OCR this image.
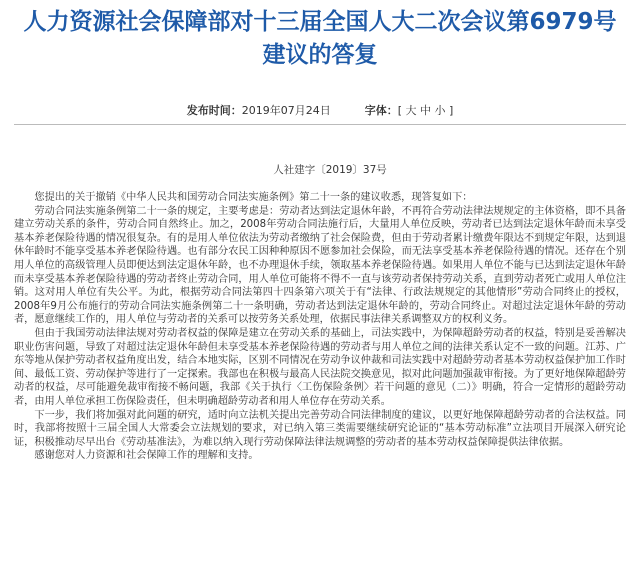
人力资源社会保障部对十三届全国人大二次会议第6979号
建议的答复
发布时间：2019年07月24日	字体：[ 大 中 小 ]
人社建字〔2019〕37号

您提出的关于撤销《中华人民共和国劳动合同法实施条例》第二十一条的建议收悉，现答复如下：

劳动合同法实施条例第二十一条的规定，主要考虑是：劳动者达到法定退休年龄，不再符合劳动法律法规规定的主体资格，即不具备建立劳动关系的条件，劳动合同自然终止。加之，2008年劳动合同法施行后，大量用人单位反映，劳动者已达到法定退休年龄而未享受基本养老保险待遇的情况很复杂。有的是用人单位依法为劳动者缴纳了社会保险费，但由于劳动者累计缴费年限达不到规定年限，达到退休年龄时不能享受基本养老保险待遇。也有部分农民工因种种原因不愿参加社会保险，而无法享受基本养老保险待遇的情况。还存在个别用人单位的高级管理人员即便达到法定退休年龄，也不办理退休手续，领取基本养老保险待遇。如果用人单位不能与已达到法定退休年龄而未享受基本养老保险待遇的劳动者终止劳动合同，用人单位可能将不得不一直与该劳动者保持劳动关系，直到劳动者死亡或用人单位注销。这对用人单位有失公平。为此，根据劳动合同法第四十四条第六项关于有“法律、行政法规规定的其他情形”劳动合同终止的授权，2008年9月公布施行的劳动合同法实施条例第二十一条明确，劳动者达到法定退休年龄的，劳动合同终止。对超过法定退休年龄的劳动者，愿意继续工作的，用人单位与劳动者的关系可以按劳务关系处理，依据民事法律关系调整双方的权利义务。

但由于我国劳动法律法规对劳动者权益的保障是建立在劳动关系的基础上，司法实践中，为保障超龄劳动者的权益，特别是妥善解决职业伤害问题，导致了对超过法定退休年龄但未享受基本养老保险待遇的劳动者与用人单位之间的法律关系认定不一致的问题。江苏、广东等地从保护劳动者权益角度出发，结合本地实际，区别不同情况在劳动争议仲裁和司法实践中对超龄劳动者基本劳动权益保护加工作时间、最低工资、劳动保护等进行了一定探索。我部也在积极与最高人民法院交换意见，拟对此问题加强裁审衔接。为了更好地保障超龄劳动者的权益，尽可能避免裁审衔接不畅问题，我部《关于执行〈工伤保险条例〉若干问题的意见（二）》明确，符合一定情形的超龄劳动者，由用人单位承担工伤保险责任，但未明确超龄劳动者和用人单位存在劳动关系。

下一步，我们将加强对此问题的研究，适时向立法机关提出完善劳动合同法律制度的建议，以更好地保障超龄劳动者的合法权益。同时，我部将按照十三届全国人大常委会立法规划的要求，对已纳入第三类需要继续研究论证的“基本劳动标准”立法项目开展深入研究论证，积极推动尽早出台《劳动基准法》，为难以纳入现行劳动保障法律法规调整的劳动者的基本劳动权益保障提供法律依据。

感谢您对人力资源和社会保障工作的理解和支持。
